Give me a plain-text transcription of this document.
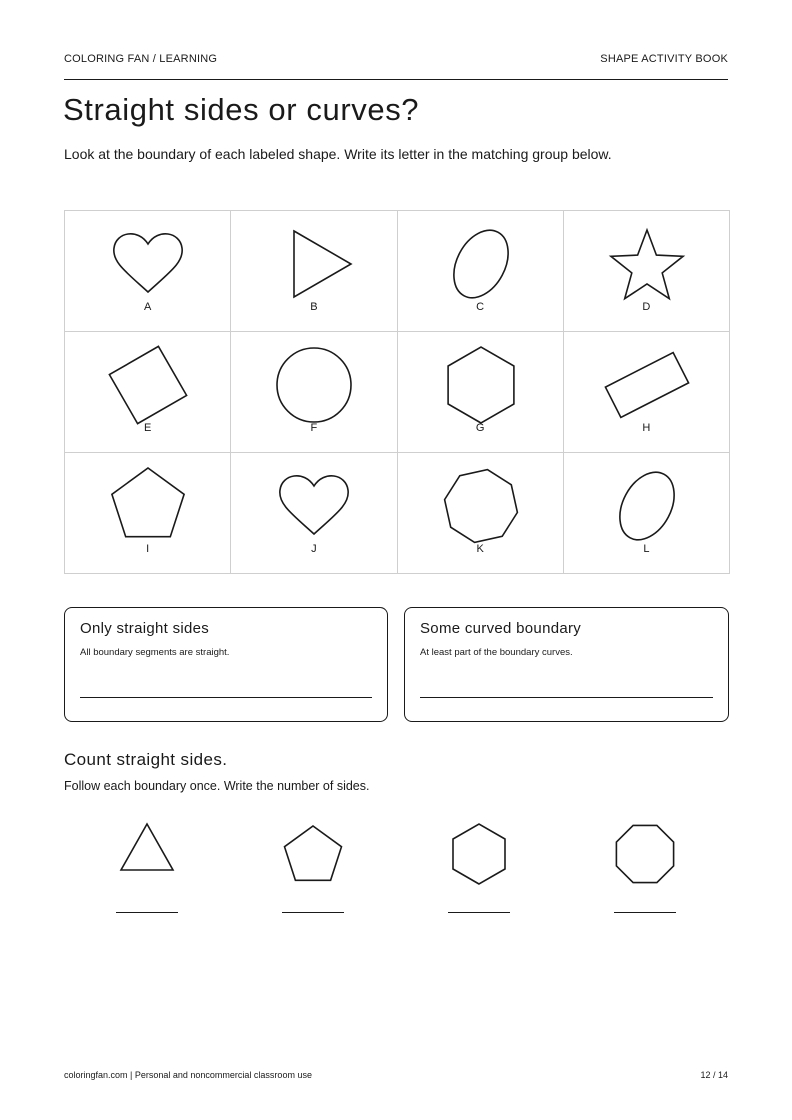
COLORING FAN / LEARNING	SHAPE ACTIVITY BOOK
Straight sides or curves?
Look at the boundary of each labeled shape. Write its letter in the matching group below.
A	B	C	D
E	F	G	H
I	J	K	L
Only straight sides
All boundary segments are straight.
Some curved boundary
At least part of the boundary curves.
Count straight sides.
Follow each boundary once. Write the number of sides.
coloringfan.com | Personal and noncommercial classroom use	12 / 14
